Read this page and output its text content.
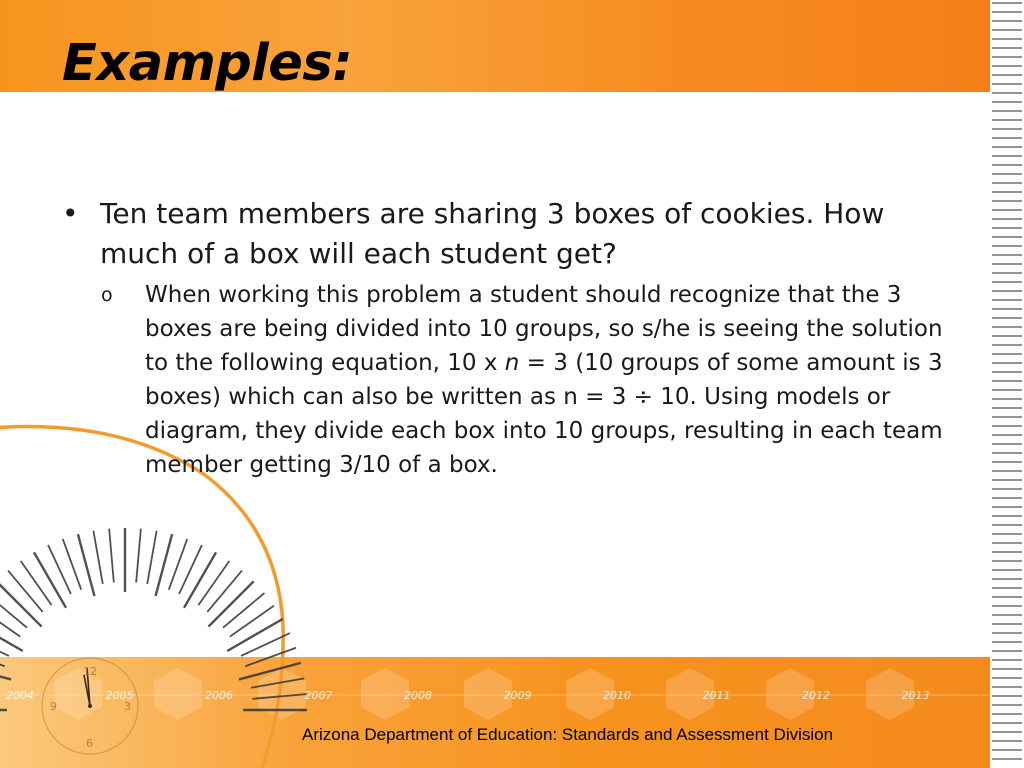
Examples:
2004	2005	2006	2007	2008	2009	2010	2011	2012	2013
12
3
6
9
• Ten team members are sharing 3 boxes of cookies. How much of a box will each student get?
o When working this problem a student should recognize that the 3 boxes are being divided into 10 groups, so s/he is seeing the solution to the following equation, 10 x n = 3 (10 groups of some amount is 3 boxes) which can also be written as n = 3 ÷ 10. Using models or diagram, they divide each box into 10 groups, resulting in each team member getting 3/10 of a box.
Arizona Department of Education: Standards and Assessment Division
